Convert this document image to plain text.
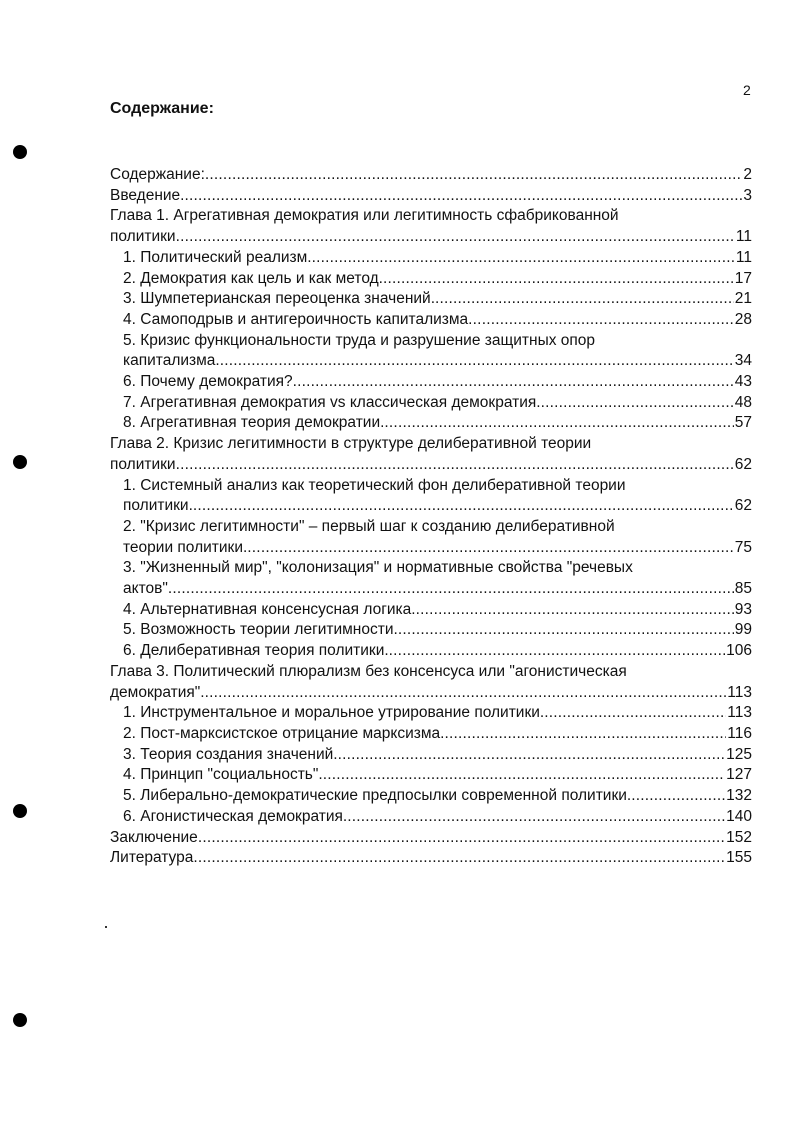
2
Содержание:
Содержание: .....	2
Введение. .....	3
Глава 1. Агрегативная демократия или легитимность сфабрикованной
политики .....	11
1. Политический реализм. .....	11
2. Демократия как цель и как метод. .....	17
3. Шумпетерианская переоценка значений. .....	21
4. Самоподрыв и антигероичность капитализма .....	28
5. Кризис функциональности труда и разрушение защитных опор
капитализма. .....	34
6. Почему демократия? .....	43
7. Агрегативная демократия vs классическая демократия. .....	48
8. Агрегативная теория демократии. .....	57
Глава 2. Кризис легитимности в структуре делиберативной теории
политики .....	62
1. Системный анализ как теоретический фон делиберативной теории
политики. .....	62
2. "Кризис легитимности" – первый шаг к созданию делиберативной
теории политики. .....	75
3. "Жизненный мир", "колонизация" и нормативные свойства "речевых
актов" .....	85
4. Альтернативная консенсусная логика. .....	93
5. Возможность теории легитимности. .....	99
6. Делиберативная теория политики. .....	106
Глава 3. Политический плюрализм без консенсуса или "агонистическая
демократия". .....	113
1. Инструментальное и моральное утрирование политики. .....	113
2. Пост-марксистское отрицание марксизма. .....	116
3. Теория создания значений. .....	125
4. Принцип "социальность". .....	127
5. Либерально-демократические предпосылки современной политики. .....	132
6. Агонистическая демократия. .....	140
Заключение .....	152
Литература .....	155
